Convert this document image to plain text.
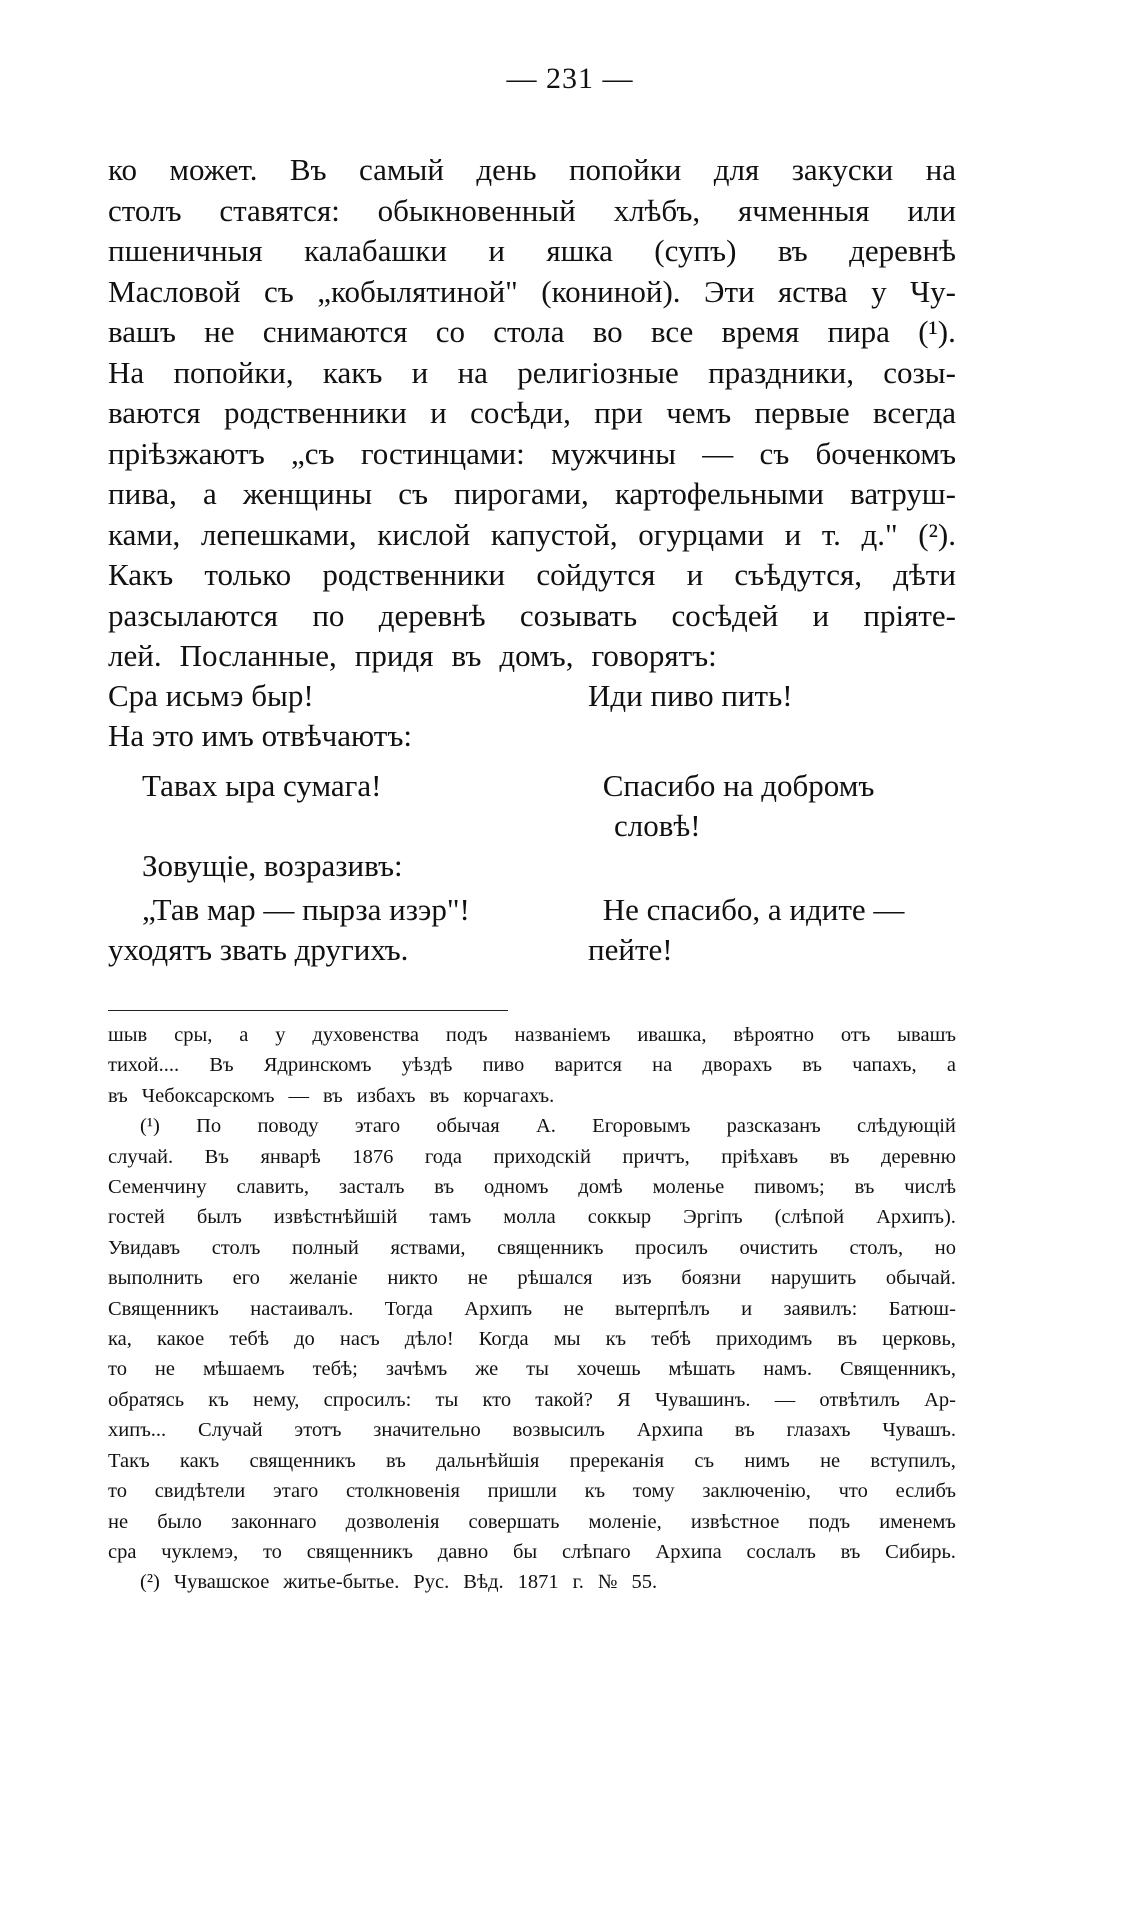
— 231 —
ко может. Въ самый день попойки для закуски на
столъ ставятся: обыкновенный хлѣбъ, ячменныя или
пшеничныя калабашки и яшка (супъ) въ деревнѣ
Масловой съ „кобылятиной" (кониной). Эти яства у Чу-
вашъ не снимаются со стола во все время пира (¹).
На попойки, какъ и на религіозные праздники, созы-
ваются родственники и сосѣди, при чемъ первые всегда
пріѣзжаютъ „съ гостинцами: мужчины — съ боченкомъ
пива, а женщины съ пирогами, картофельными ватруш-
ками, лепешками, кислой капустой, огурцами и т. д." (²).
Какъ только родственники сойдутся и съѣдутся, дѣти
разсылаются по деревнѣ созывать сосѣдей и пріяте-
лей. Посланные, придя въ домъ, говорятъ:
Сра исьмэ быр!	Иди пиво пить!
На это имъ отвѣчаютъ:
Тавах ыра сумага!	Спасибо на добромъ
словѣ!
Зовущіе, возразивъ:
„Тав мар — пырза изэр"!	Не спасибо, а идите —
уходятъ звать другихъ.	пейте!
шыв сры, а у духовенства подъ названіемъ ивашка, вѣроятно отъ ывашъ
тихой.... Въ Ядринскомъ уѣздѣ пиво варится на дворахъ въ чапахъ, а
въ Чебоксарскомъ — въ избахъ въ корчагахъ.
(¹) По поводу этаго обычая А. Егоровымъ разсказанъ слѣдующій
случай. Въ январѣ 1876 года приходскій причтъ, пріѣхавъ въ деревню
Семенчину славить, засталъ въ одномъ домѣ моленье пивомъ; въ числѣ
гостей былъ извѣстнѣйшій тамъ молла соккыр Эргіпъ (слѣпой Архипъ).
Увидавъ столъ полный яствами, священникъ просилъ очистить столъ, но
выполнить его желаніе никто не рѣшался изъ боязни нарушить обычай.
Священникъ настаивалъ. Тогда Архипъ не вытерпѣлъ и заявилъ: Батюш-
ка, какое тебѣ до насъ дѣло! Когда мы къ тебѣ приходимъ въ церковь,
то не мѣшаемъ тебѣ; зачѣмъ же ты хочешь мѣшать намъ. Священникъ,
обратясь къ нему, спросилъ: ты кто такой? Я Чувашинъ. — отвѣтилъ Ар-
хипъ... Случай этотъ значительно возвысилъ Архипа въ глазахъ Чувашъ.
Такъ какъ священникъ въ дальнѣйшія пререканія съ нимъ не вступилъ,
то свидѣтели этаго столкновенія пришли къ тому заключенію, что еслибъ
не было законнаго дозволенія совершать моленіе, извѣстное подъ именемъ
сра чуклемэ, то священникъ давно бы слѣпаго Архипа сослалъ въ Сибирь.
(²) Чувашское житье-бытье. Рус. Вѣд. 1871 г. № 55.
